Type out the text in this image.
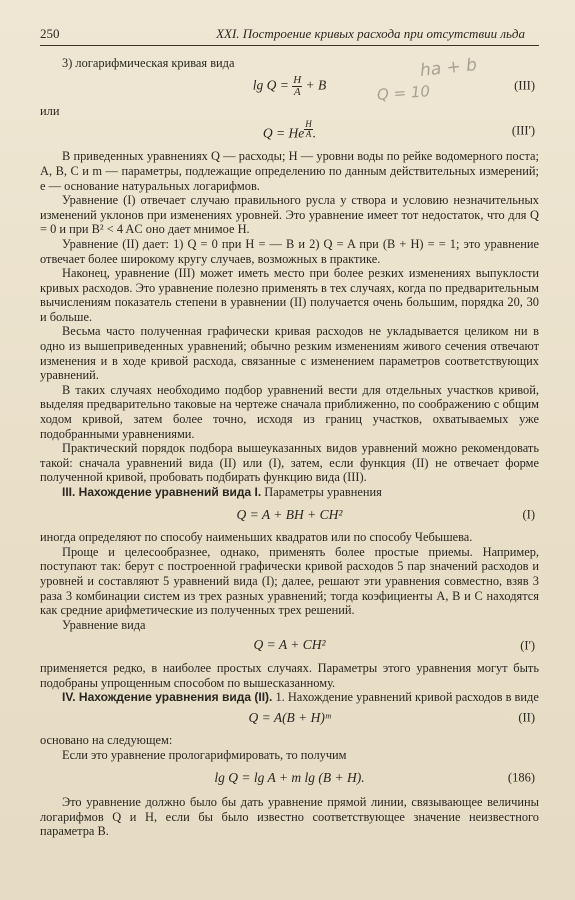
250	XXI. Построение кривых расхода при отсутствии льда
ha + b
Q = 10

3) логарифмическая кривая вида

$\lg Q = \frac{H}{A} + B$	(III)

или

Q = He $^{\frac{H}{A}}$ .	(III')

В приведенных уравнениях Q — расходы; H — уровни воды по рейке водомерного поста; A, B, C и m — параметры, подлежащие определению по данным действительных измерений; e — основание натуральных логарифмов.

Уравнение (I) отвечает случаю правильного русла у створа и условию незначительных изменений уклонов при изменениях уровней. Это уравнение имеет тот недостаток, что для Q = 0 и при B² < 4 AC оно дает мнимое H.

Уравнение (II) дает: 1) Q = 0 при H = — B и 2) Q = A при (B + H) = = 1; это уравнение отвечает более широкому кругу случаев, возможных в практике.

Наконец, уравнение (III) может иметь место при более резких изменениях выпуклости кривых расходов. Это уравнение полезно применять в тех случаях, когда по предварительным вычислениям показатель степени в уравнении (II) получается очень большим, порядка 20, 30 и больше.

Весьма часто полученная графически кривая расходов не укладывается целиком ни в одно из вышеприведенных уравнений; обычно резким изменениям живого сечения отвечают изменения и в ходе кривой расхода, связанные с изменением параметров соответствующих уравнений.

В таких случаях необходимо подбор уравнений вести для отдельных участков кривой, выделяя предварительно таковые на чертеже сначала приближенно, по соображению с общим ходом кривой, затем более точно, исходя из границ участков, охватываемых уже подобранными уравнениями.

Практический порядок подбора вышеуказанных видов уравнений можно рекомендовать такой: сначала уравнений вида (II) или (I), затем, если функция (II) не отвечает форме полученной кривой, пробовать подбирать функцию вида (III).

III. Нахождение уравнений вида I. Параметры уравнения

Q = A + BH + CH²	(I)

иногда определяют по способу наименьших квадратов или по способу Чебышева.

Проще и целесообразнее, однако, применять более простые приемы. Например, поступают так: берут с построенной графически кривой расходов 5 пар значений расходов и уровней и составляют 5 уравнений вида (I); далее, решают эти уравнения совместно, взяв 3 раза 3 комбинации систем из трех разных уравнений; тогда коэфициенты A, B и C находятся как средние арифметические из полученных трех решений.

Уравнение вида

Q = A + CH²	(I')

применяется редко, в наиболее простых случаях. Параметры этого уравнения могут быть подобраны упрощенным способом по вышесказанному.

IV. Нахождение уравнения вида (II). 1. Нахождение уравнений кривой расходов в виде

Q = A(B + H)ᵐ	(II)

основано на следующем:

Если это уравнение прологарифмировать, то получим

lg Q = lg A + m lg (B + H).	(186)

Это уравнение должно было бы дать уравнение прямой линии, связывающее величины логарифмов Q и H, если бы было известно соответствующее значение неизвестного параметра B.
